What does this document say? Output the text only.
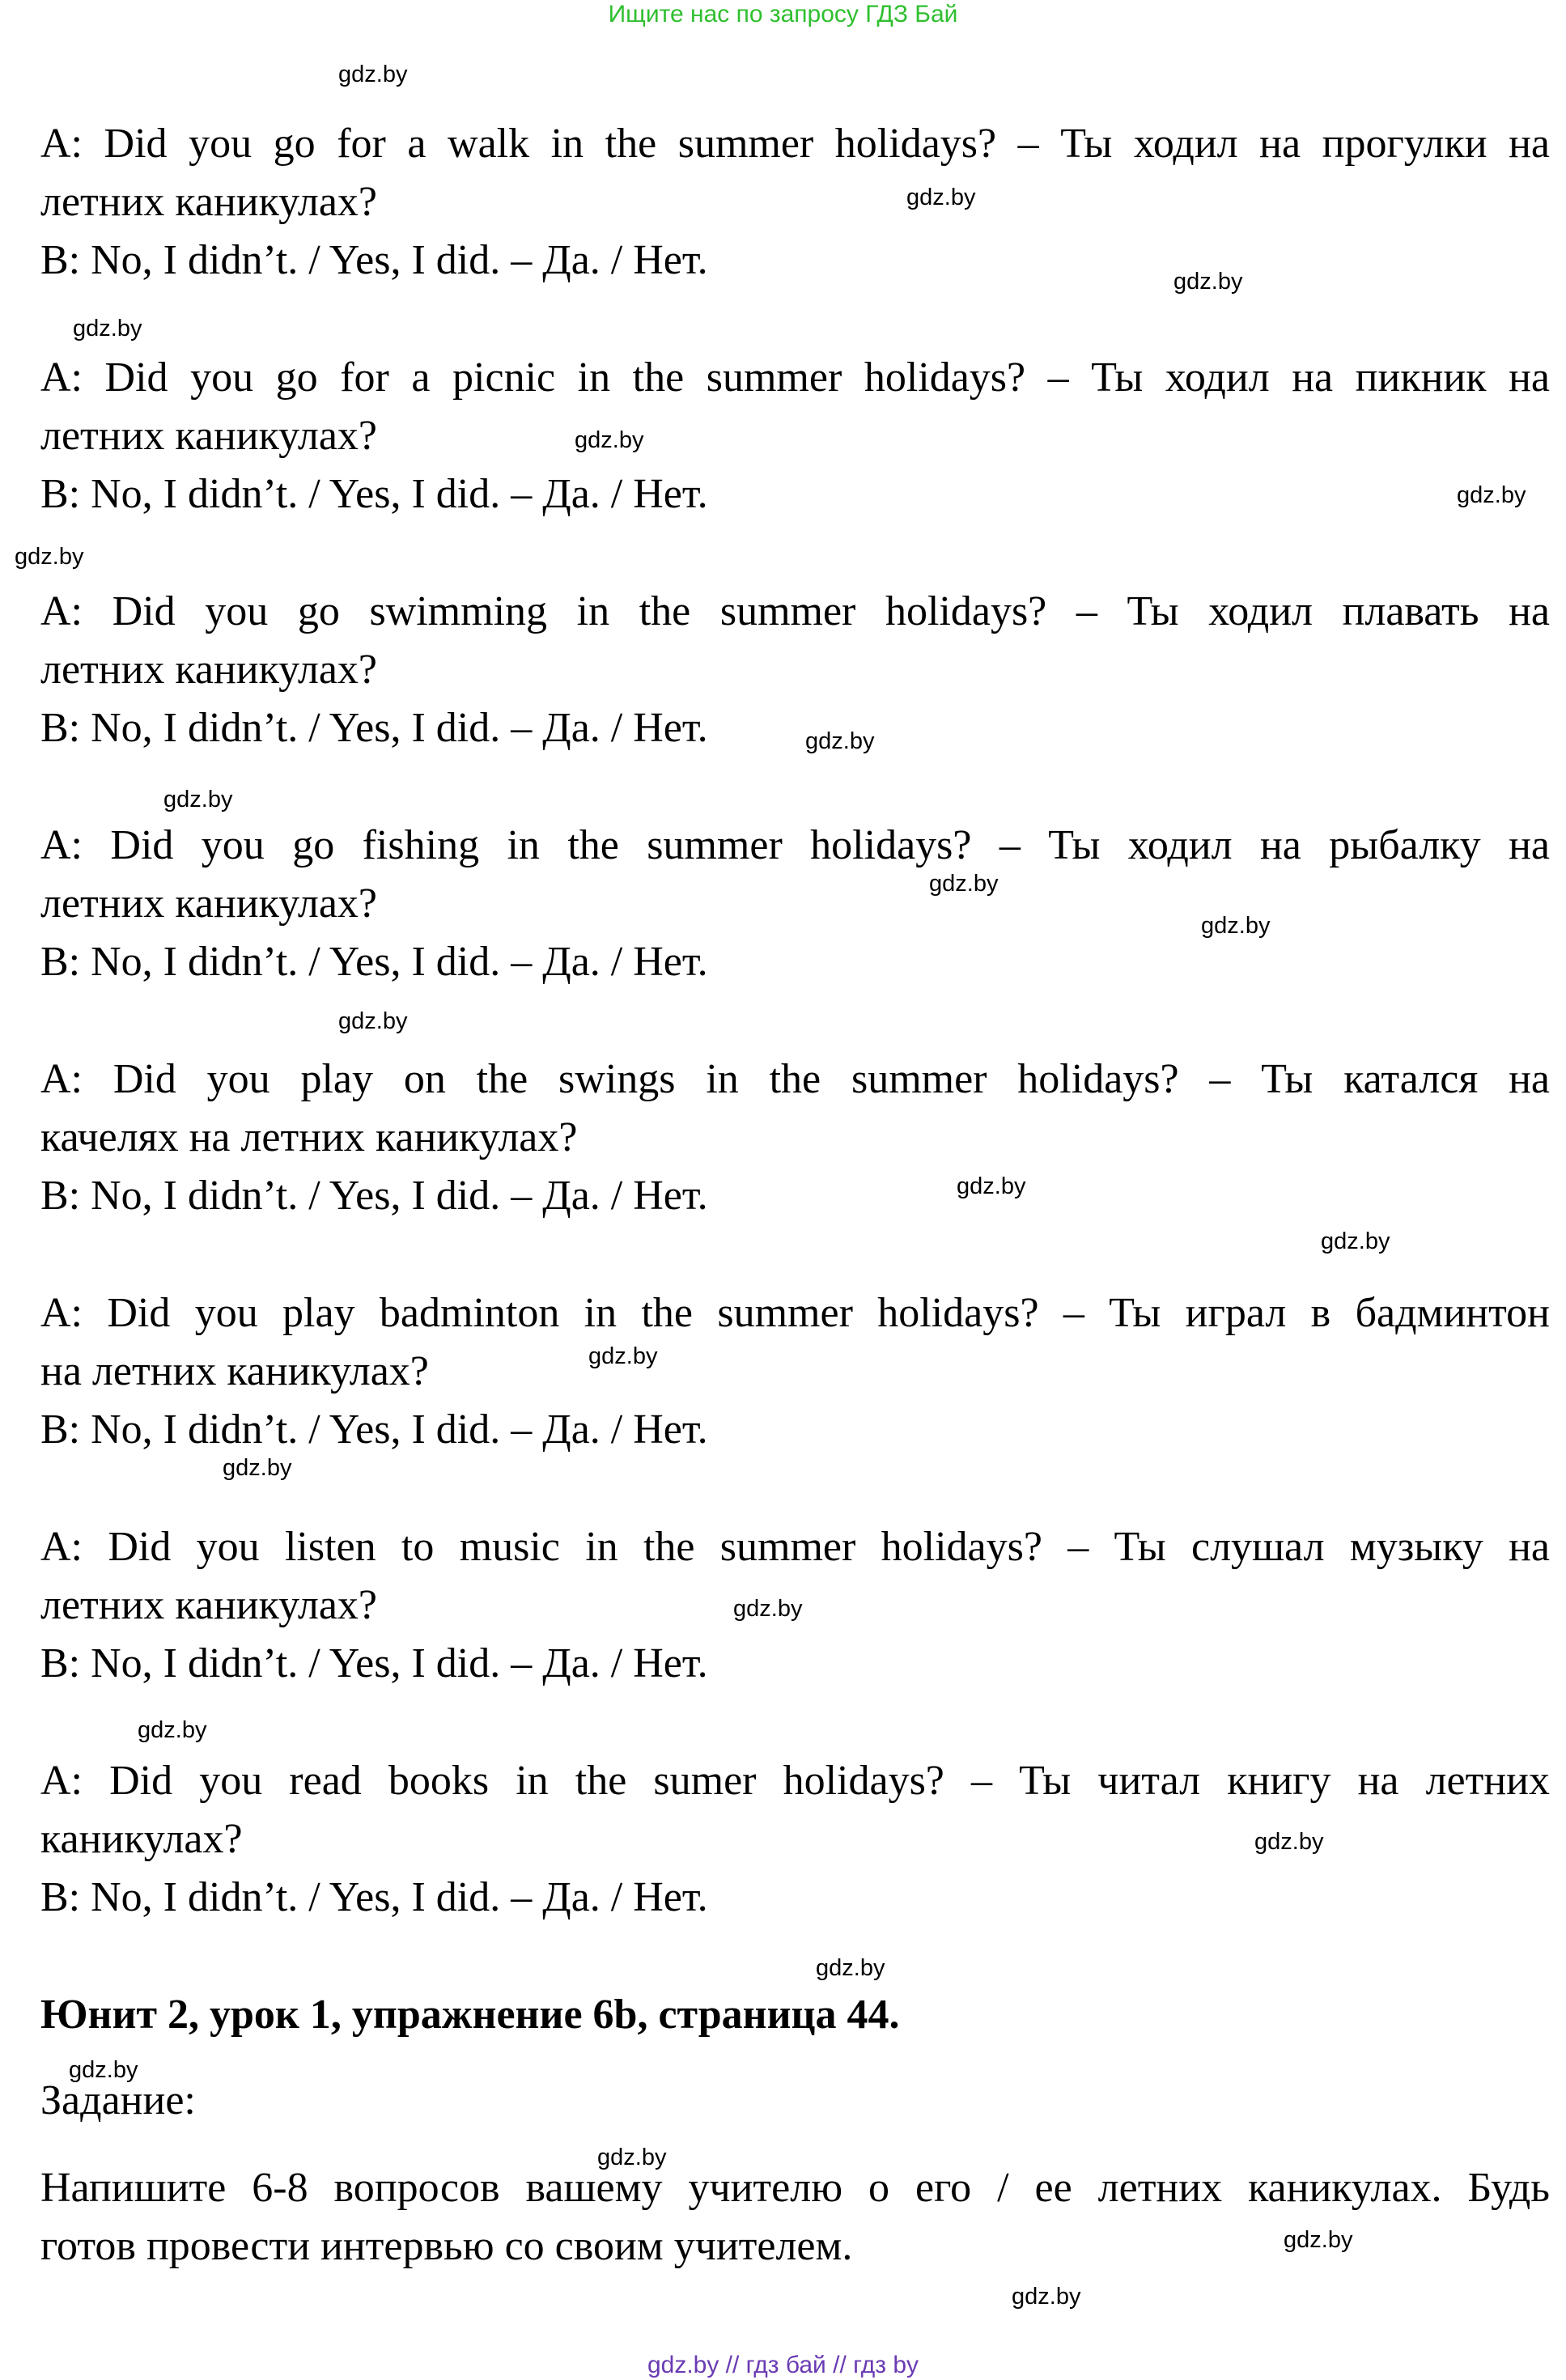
Ищите нас по запросу ГДЗ Бай
A: Did you go for a walk in the summer holidays? – Ты ходил на прогулки на
летних каникулах?
B: No, I didn’t. / Yes, I did. – Да. / Нет.
A: Did you go for a picnic in the summer holidays? – Ты ходил на пикник на
летних каникулах?
B: No, I didn’t. / Yes, I did. – Да. / Нет.
A: Did you go swimming in the summer holidays? – Ты ходил плавать на
летних каникулах?
B: No, I didn’t. / Yes, I did. – Да. / Нет.
A: Did you go fishing in the summer holidays? – Ты ходил на рыбалку на
летних каникулах?
B: No, I didn’t. / Yes, I did. – Да. / Нет.
A: Did you play on the swings in the summer holidays? – Ты катался на
качелях на летних каникулах?
B: No, I didn’t. / Yes, I did. – Да. / Нет.
A: Did you play badminton in the summer holidays? – Ты играл в бадминтон
на летних каникулах?
B: No, I didn’t. / Yes, I did. – Да. / Нет.
A: Did you listen to music in the summer holidays? – Ты слушал музыку на
летних каникулах?
B: No, I didn’t. / Yes, I did. – Да. / Нет.
A: Did you read books in the sumer holidays? – Ты читал книгу на летних
каникулах?
B: No, I didn’t. / Yes, I did. – Да. / Нет.
Юнит 2, урок 1, упражнение 6b, страница 44.
Задание:
Напишите 6-8 вопросов вашему учителю о его / ее летних каникулах. Будь
готов провести интервью со своим учителем.
gdz.by
gdz.by
gdz.by
gdz.by
gdz.by
gdz.by
gdz.by
gdz.by
gdz.by
gdz.by
gdz.by
gdz.by
gdz.by
gdz.by
gdz.by
gdz.by
gdz.by
gdz.by
gdz.by
gdz.by
gdz.by
gdz.by
gdz.by
gdz.by
gdz.by // гдз бай // гдз by
